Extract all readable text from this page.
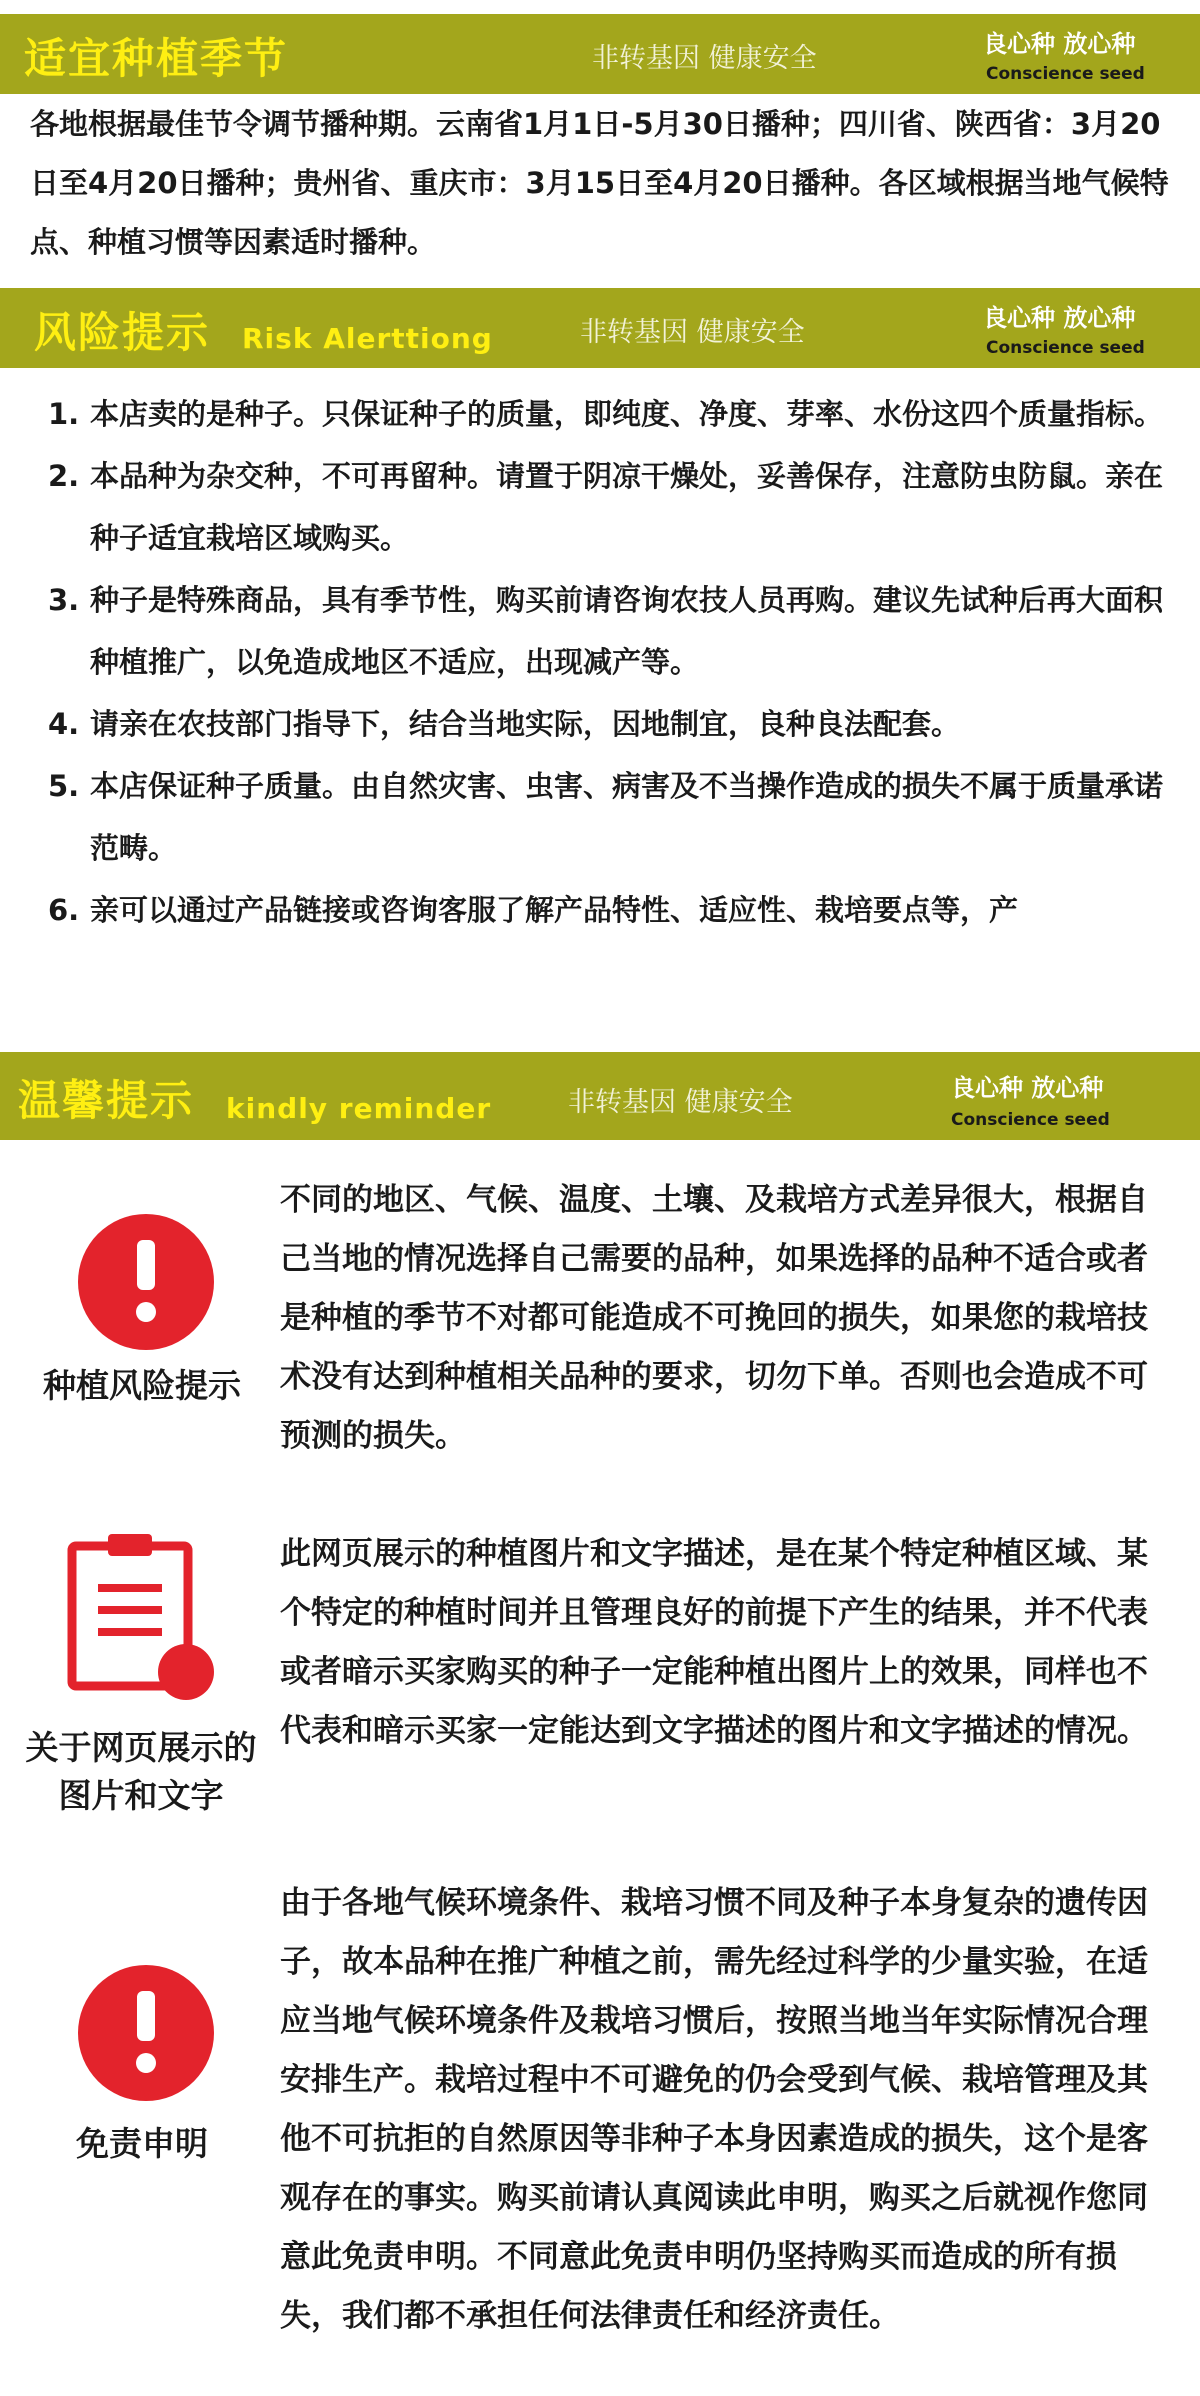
适宜种植季节	非转基因 健康安全	良心种 放心种
Conscience seed

各地根据最佳节令调节播种期。云南省1月1日-5月30日播种；四川省、陕西省：3月20日至4月20日播种；贵州省、重庆市：3月15日至4月20日播种。各区域根据当地气候特点、种植习惯等因素适时播种。

风险提示 Risk Alerttiong	非转基因 健康安全	良心种 放心种
Conscience seed
1. 本店卖的是种子。只保证种子的质量，即纯度、净度、芽率、水份这四个质量指标。
2. 本品种为杂交种，不可再留种。请置于阴凉干燥处，妥善保存，注意防虫防鼠。亲在种子适宜栽培区域购买。
3. 种子是特殊商品，具有季节性，购买前请咨询农技人员再购。建议先试种后再大面积种植推广，以免造成地区不适应，出现减产等。
4. 请亲在农技部门指导下，结合当地实际，因地制宜，良种良法配套。
5. 本店保证种子质量。由自然灾害、虫害、病害及不当操作造成的损失不属于质量承诺范畴。
6. 亲可以通过产品链接或咨询客服了解产品特性、适应性、栽培要点等，产
温馨提示 kindly reminder	非转基因 健康安全	良心种 放心种
Conscience seed
种植风险提示

不同的地区、气候、温度、土壤、及栽培方式差异很大，根据自己当地的情况选择自己需要的品种，如果选择的品种不适合或者是种植的季节不对都可能造成不可挽回的损失，如果您的栽培技术没有达到种植相关品种的要求，切勿下单。否则也会造成不可预测的损失。

关于网页展示的图片和文字

此网页展示的种植图片和文字描述，是在某个特定种植区域、某个特定的种植时间并且管理良好的前提下产生的结果，并不代表或者暗示买家购买的种子一定能种植出图片上的效果，同样也不代表和暗示买家一定能达到文字描述的图片和文字描述的情况。

免责申明

由于各地气候环境条件、栽培习惯不同及种子本身复杂的遗传因子，故本品种在推广种植之前，需先经过科学的少量实验，在适应当地气候环境条件及栽培习惯后，按照当地当年实际情况合理安排生产。栽培过程中不可避免的仍会受到气候、栽培管理及其他不可抗拒的自然原因等非种子本身因素造成的损失，这个是客观存在的事实。购买前请认真阅读此申明，购买之后就视作您同意此免责申明。不同意此免责申明仍坚持购买而造成的所有损失，我们都不承担任何法律责任和经济责任。
